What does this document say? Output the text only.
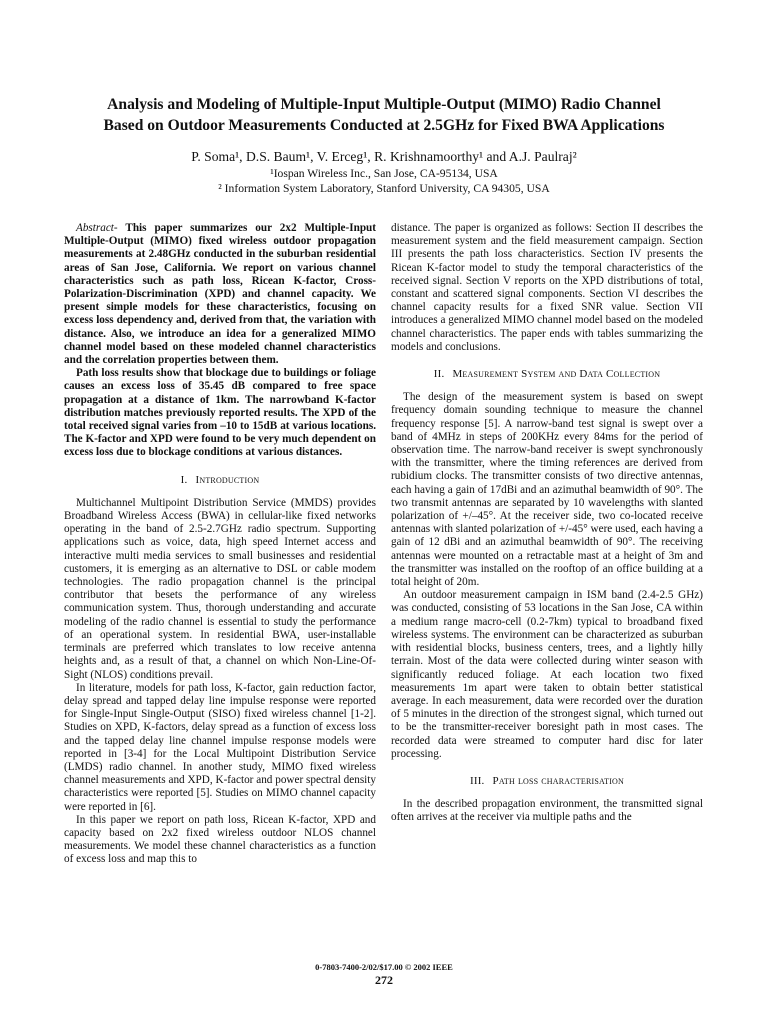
Analysis and Modeling of Multiple-Input Multiple-Output (MIMO) Radio Channel
Based on Outdoor Measurements Conducted at 2.5GHz for Fixed BWA Applications
P. Soma¹, D.S. Baum¹, V. Erceg¹, R. Krishnamoorthy¹ and A.J. Paulraj²
¹Iospan Wireless Inc., San Jose, CA-95134, USA
² Information System Laboratory, Stanford University, CA 94305, USA

Abstract- This paper summarizes our 2x2 Multiple-Input Multiple-Output (MIMO) fixed wireless outdoor propagation measurements at 2.48GHz conducted in the suburban residential areas of San Jose, California. We report on various channel characteristics such as path loss, Ricean K-factor, Cross-Polarization-Discrimination (XPD) and channel capacity. We present simple models for these characteristics, focusing on excess loss dependency and, derived from that, the variation with distance. Also, we introduce an idea for a generalized MIMO channel model based on these modeled channel characteristics and the correlation properties between them.

Path loss results show that blockage due to buildings or foliage causes an excess loss of 35.45 dB compared to free space propagation at a distance of 1km. The narrowband K-factor distribution matches previously reported results. The XPD of the total received signal varies from –10 to 15dB at various locations. The K-factor and XPD were found to be very much dependent on excess loss due to blockage conditions at various distances.

I. Introduction

Multichannel Multipoint Distribution Service (MMDS) provides Broadband Wireless Access (BWA) in cellular-like fixed networks operating in the band of 2.5-2.7GHz radio spectrum. Supporting applications such as voice, data, high speed Internet access and interactive multi media services to small businesses and residential customers, it is emerging as an alternative to DSL or cable modem technologies. The radio propagation channel is the principal contributor that besets the performance of any wireless communication system. Thus, thorough understanding and accurate modeling of the radio channel is essential to study the performance of an operational system. In residential BWA, user-installable terminals are preferred which translates to low receive antenna heights and, as a result of that, a channel on which Non-Line-Of-Sight (NLOS) conditions prevail.

In literature, models for path loss, K-factor, gain reduction factor, delay spread and tapped delay line impulse response were reported for Single-Input Single-Output (SISO) fixed wireless channel [1-2]. Studies on XPD, K-factors, delay spread as a function of excess loss and the tapped delay line channel impulse response models were reported in [3-4] for the Local Multipoint Distribution Service (LMDS) radio channel. In another study, MIMO fixed wireless channel measurements and XPD, K-factor and power spectral density characteristics were reported [5]. Studies on MIMO channel capacity were reported in [6].

In this paper we report on path loss, Ricean K-factor, XPD and capacity based on 2x2 fixed wireless outdoor NLOS channel measurements. We model these channel characteristics as a function of excess loss and map this to

distance. The paper is organized as follows: Section II describes the measurement system and the field measurement campaign. Section III presents the path loss characteristics. Section IV presents the Ricean K-factor model to study the temporal characteristics of the received signal. Section V reports on the XPD distributions of total, constant and scattered signal components. Section VI describes the channel capacity results for a fixed SNR value. Section VII introduces a generalized MIMO channel model based on the modeled channel characteristics. The paper ends with tables summarizing the models and conclusions.

II. Measurement System and Data Collection

The design of the measurement system is based on swept frequency domain sounding technique to measure the channel frequency response [5]. A narrow-band test signal is swept over a band of 4MHz in steps of 200KHz every 84ms for the period of observation time. The narrow-band receiver is swept synchronously with the transmitter, where the timing references are derived from rubidium clocks. The transmitter consists of two directive antennas, each having a gain of 17dBi and an azimuthal beamwidth of 90°. The two transmit antennas are separated by 10 wavelengths with slanted polarization of +/–45°. At the receiver side, two co-located receive antennas with slanted polarization of +/-45° were used, each having a gain of 12 dBi and an azimuthal beamwidth of 90°. The receiving antennas were mounted on a retractable mast at a height of 3m and the transmitter was installed on the rooftop of an office building at a total height of 20m.

An outdoor measurement campaign in ISM band (2.4-2.5 GHz) was conducted, consisting of 53 locations in the San Jose, CA within a medium range macro-cell (0.2-7km) typical to broadband fixed wireless systems. The environment can be characterized as suburban with residential blocks, business centers, trees, and a lightly hilly terrain. Most of the data were collected during winter season with significantly reduced foliage. At each location two fixed measurements 1m apart were taken to obtain better statistical average. In each measurement, data were recorded over the duration of 5 minutes in the direction of the strongest signal, which turned out to be the transmitter-receiver boresight path in most cases. The recorded data were streamed to computer hard disc for later processing.

III. Path loss characterisation

In the described propagation environment, the transmitted signal often arrives at the receiver via multiple paths and the

0-7803-7400-2/02/$17.00 © 2002 IEEE
272
